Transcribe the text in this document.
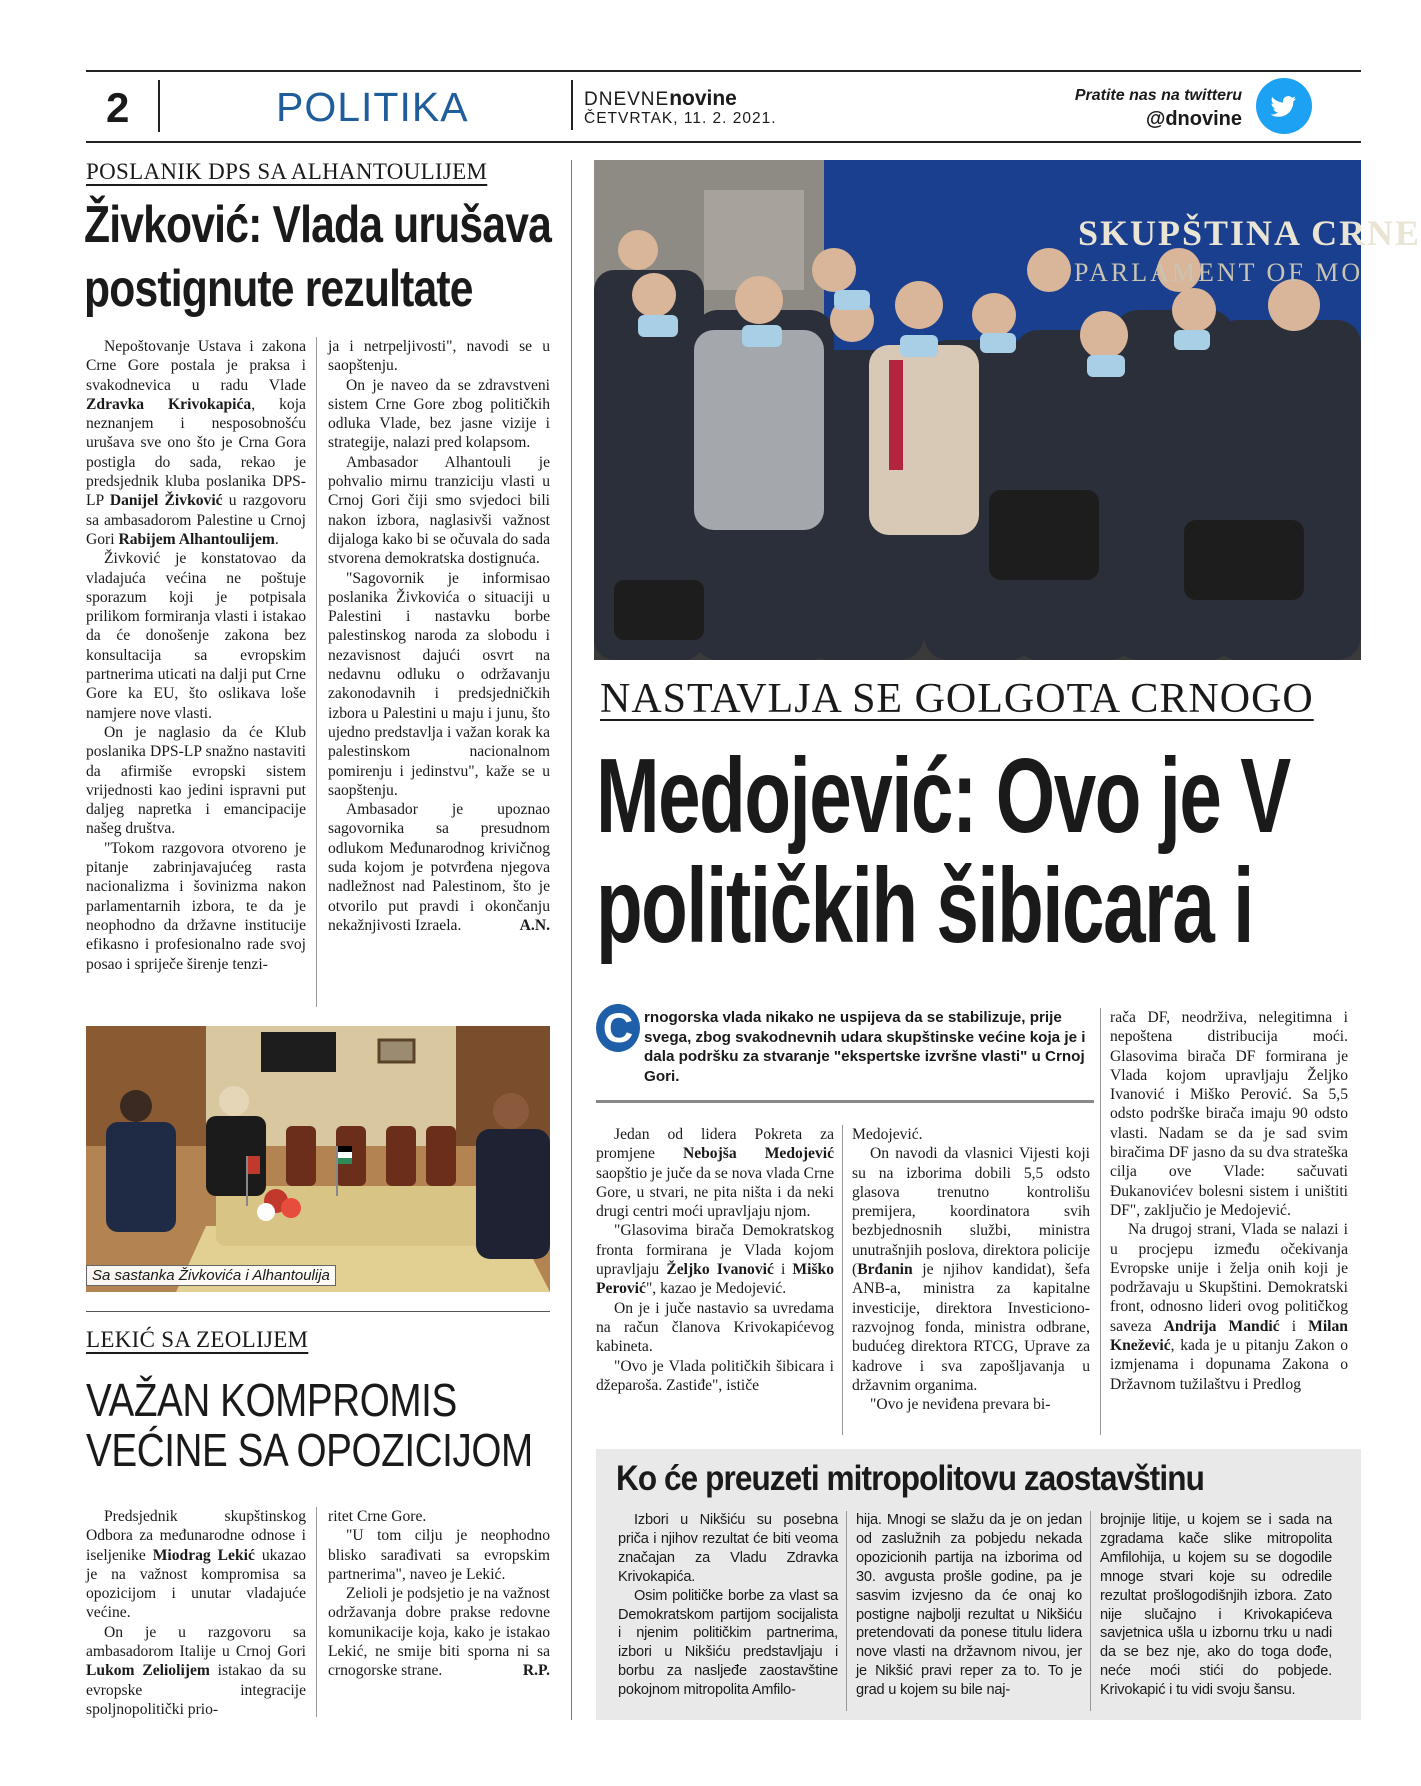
2	POLITIKA	DNEVNEnovine
ČETVRTAK, 11. 2. 2021.
Pratite nas na twitteru
@dnovine
POSLANIK DPS SA ALHANTOULIJEM
Živković: Vlada urušava
postignute rezultate

Nepoštovanje Ustava i zakona Crne Gore postala je praksa i svakodnevica u radu Vlade Zdravka Krivokapića, koja neznanjem i nesposobnošću urušava sve ono što je Crna Gora postigla do sada, rekao je predsjednik kluba poslanika DPS-LP Danijel Živković u razgovoru sa ambasadorom Palestine u Crnoj Gori Rabijem Alhantoulijem.

Živković je konstatovao da vladajuća većina ne poštuje sporazum koji je potpisala prilikom formiranja vlasti i istakao da će donošenje zakona bez konsultacija sa evropskim partnerima uticati na dalji put Crne Gore ka EU, što oslikava loše namjere nove vlasti.

On je naglasio da će Klub poslanika DPS-LP snažno nastaviti da afirmiše evropski sistem vrijednosti kao jedini ispravni put daljeg napretka i emancipacije našeg društva.

"Tokom razgovora otvoreno je pitanje zabrinjavajućeg rasta nacionalizma i šovinizma nakon parlamentarnih izbora, te da je neophodno da državne institucije efikasno i profesionalno rade svoj posao i spriječe širenje tenzi-

ja i netrpeljivosti", navodi se u saopštenju.

On je naveo da se zdravstveni sistem Crne Gore zbog političkih odluka Vlade, bez jasne vizije i strategije, nalazi pred kolapsom.

Ambasador Alhantouli je pohvalio mirnu tranziciju vlasti u Crnoj Gori čiji smo svjedoci bili nakon izbora, naglasivši važnost dijaloga kako bi se očuvala do sada stvorena demokratska dostignuća.

"Sagovornik je informisao poslanika Živkovića o situaciji u Palestini i nastavku borbe palestinskog naroda za slobodu i nezavisnost dajući osvrt na nedavnu odluku o održavanju zakonodavnih i predsjedničkih izbora u Palestini u maju i junu, što ujedno predstavlja i važan korak ka palestinskom nacionalnom pomirenju i jedinstvu", kaže se u saopštenju.

Ambasador je upoznao sagovornika sa presudnom odlukom Međunarodnog krivičnog suda kojom je potvrđena njegova nadležnost nad Palestinom, što je otvorilo put pravdi i okončanju nekažnjivosti Izraela.	A.N.

Sa sastanka Živkovića i Alhantoulija
LEKIĆ SA ZEOLIJEM
VAŽAN KOMPROMIS
VEĆINE SA OPOZICIJOM

Predsjednik skupštinskog Odbora za međunarodne odnose i iseljenike Miodrag Lekić ukazao je na važnost kompromisa sa opozicijom i unutar vladajuće većine.

On je u razgovoru sa ambasadorom Italije u Crnoj Gori Lukom Zeliolijem istakao da su evropske integracije spoljnopolitički prio-

ritet Crne Gore.

"U tom cilju je neophodno blisko sarađivati sa evropskim partnerima", naveo je Lekić.

Zelioli je podsjetio je na važnost održavanja dobre prakse redovne komunikacije koja, kako je istakao Lekić, ne smije biti sporna ni sa crnogorske strane.	R.P.

SKUPŠTINA CRNE
PARLAMENT OF MO
NASTAVLJA SE GOLGOTA CRNOGO
Medojević: Ovo je V
političkih šibicara i
C rnogorska vlada nikako ne uspijeva da se stabilizuje, prije svega, zbog svakodnevnih udara skupštinske većine koja je i dala podršku za stvaranje "ekspertske izvršne vlasti" u Crnoj Gori.

Jedan od lidera Pokreta za promjene Nebojša Medojević saopštio je juče da se nova vlada Crne Gore, u stvari, ne pita ništa i da neki drugi centri moći upravljaju njom.

"Glasovima birača Demokratskog fronta formirana je Vlada kojom upravljaju Željko Ivanović i Miško Perović", kazao je Medojević.

On je i juče nastavio sa uvredama na račun članova Krivokapićevog kabineta.

"Ovo je Vlada političkih šibicara i džeparoša. Zastiđe", ističe

Medojević.

On navodi da vlasnici Vijesti koji su na izborima dobili 5,5 odsto glasova trenutno kontrolišu premijera, koordinatora svih bezbjednosnih službi, ministra unutrašnjih poslova, direktora policije (Brđanin je njihov kandidat), šefa ANB-a, ministra za kapitalne investicije, direktora Investiciono-razvojnog fonda, ministra odbrane, budućeg direktora RTCG, Uprave za kadrove i sva zapošljavanja u državnim organima.

"Ovo je neviđena prevara bi-

rača DF, neodrživa, nelegitimna i nepoštena distribucija moći. Glasovima birača DF formirana je Vlada kojom upravljaju Željko Ivanović i Miško Perović. Sa 5,5 odsto podrške birača imaju 90 odsto vlasti. Nadam se da je sad svim biračima DF jasno da su dva strateška cilja ove Vlade: sačuvati Đukanovićev bolesni sistem i uništiti DF", zaključio je Medojević.

Na drugoj strani, Vlada se nalazi i u procjepu između očekivanja Evropske unije i želja onih koji je podržavaju u Skupštini. Demokratski front, odnosno lideri ovog političkog saveza Andrija Mandić i Milan Knežević, kada je u pitanju Zakon o izmjenama i dopunama Zakona o Državnom tužilaštvu i Predlog

Ko će preuzeti mitropolitovu zaostavštinu

Izbori u Nikšiću su posebna priča i njihov rezultat će biti veoma značajan za Vladu Zdravka Krivokapića.

Osim političke borbe za vlast sa Demokratskom partijom socijalista i njenim političkim partnerima, izbori u Nikšiću predstavljaju i borbu za nasljeđe zaostavštine pokojnom mitropolita Amfilo-

hija. Mnogi se slažu da je on jedan od zaslužnih za pobjedu nekada opozicionih partija na izborima od 30. avgusta prošle godine, pa je sasvim izvjesno da će onaj ko postigne najbolji rezultat u Nikšiću pretendovati da ponese titulu lidera nove vlasti na državnom nivou, jer je Nikšić pravi reper za to. To je grad u kojem su bile naj-

brojnije litije, u kojem se i sada na zgradama kače slike mitropolita Amfilohija, u kojem su se dogodile mnoge stvari koje su odredile rezultat prošlogodišnjih izbora. Zato nije slučajno i Krivokapićeva savjetnica ušla u izbornu trku u nadi da se bez nje, ako do toga dođe, neće moći stići do pobjede. Krivokapić i tu vidi svoju šansu.
